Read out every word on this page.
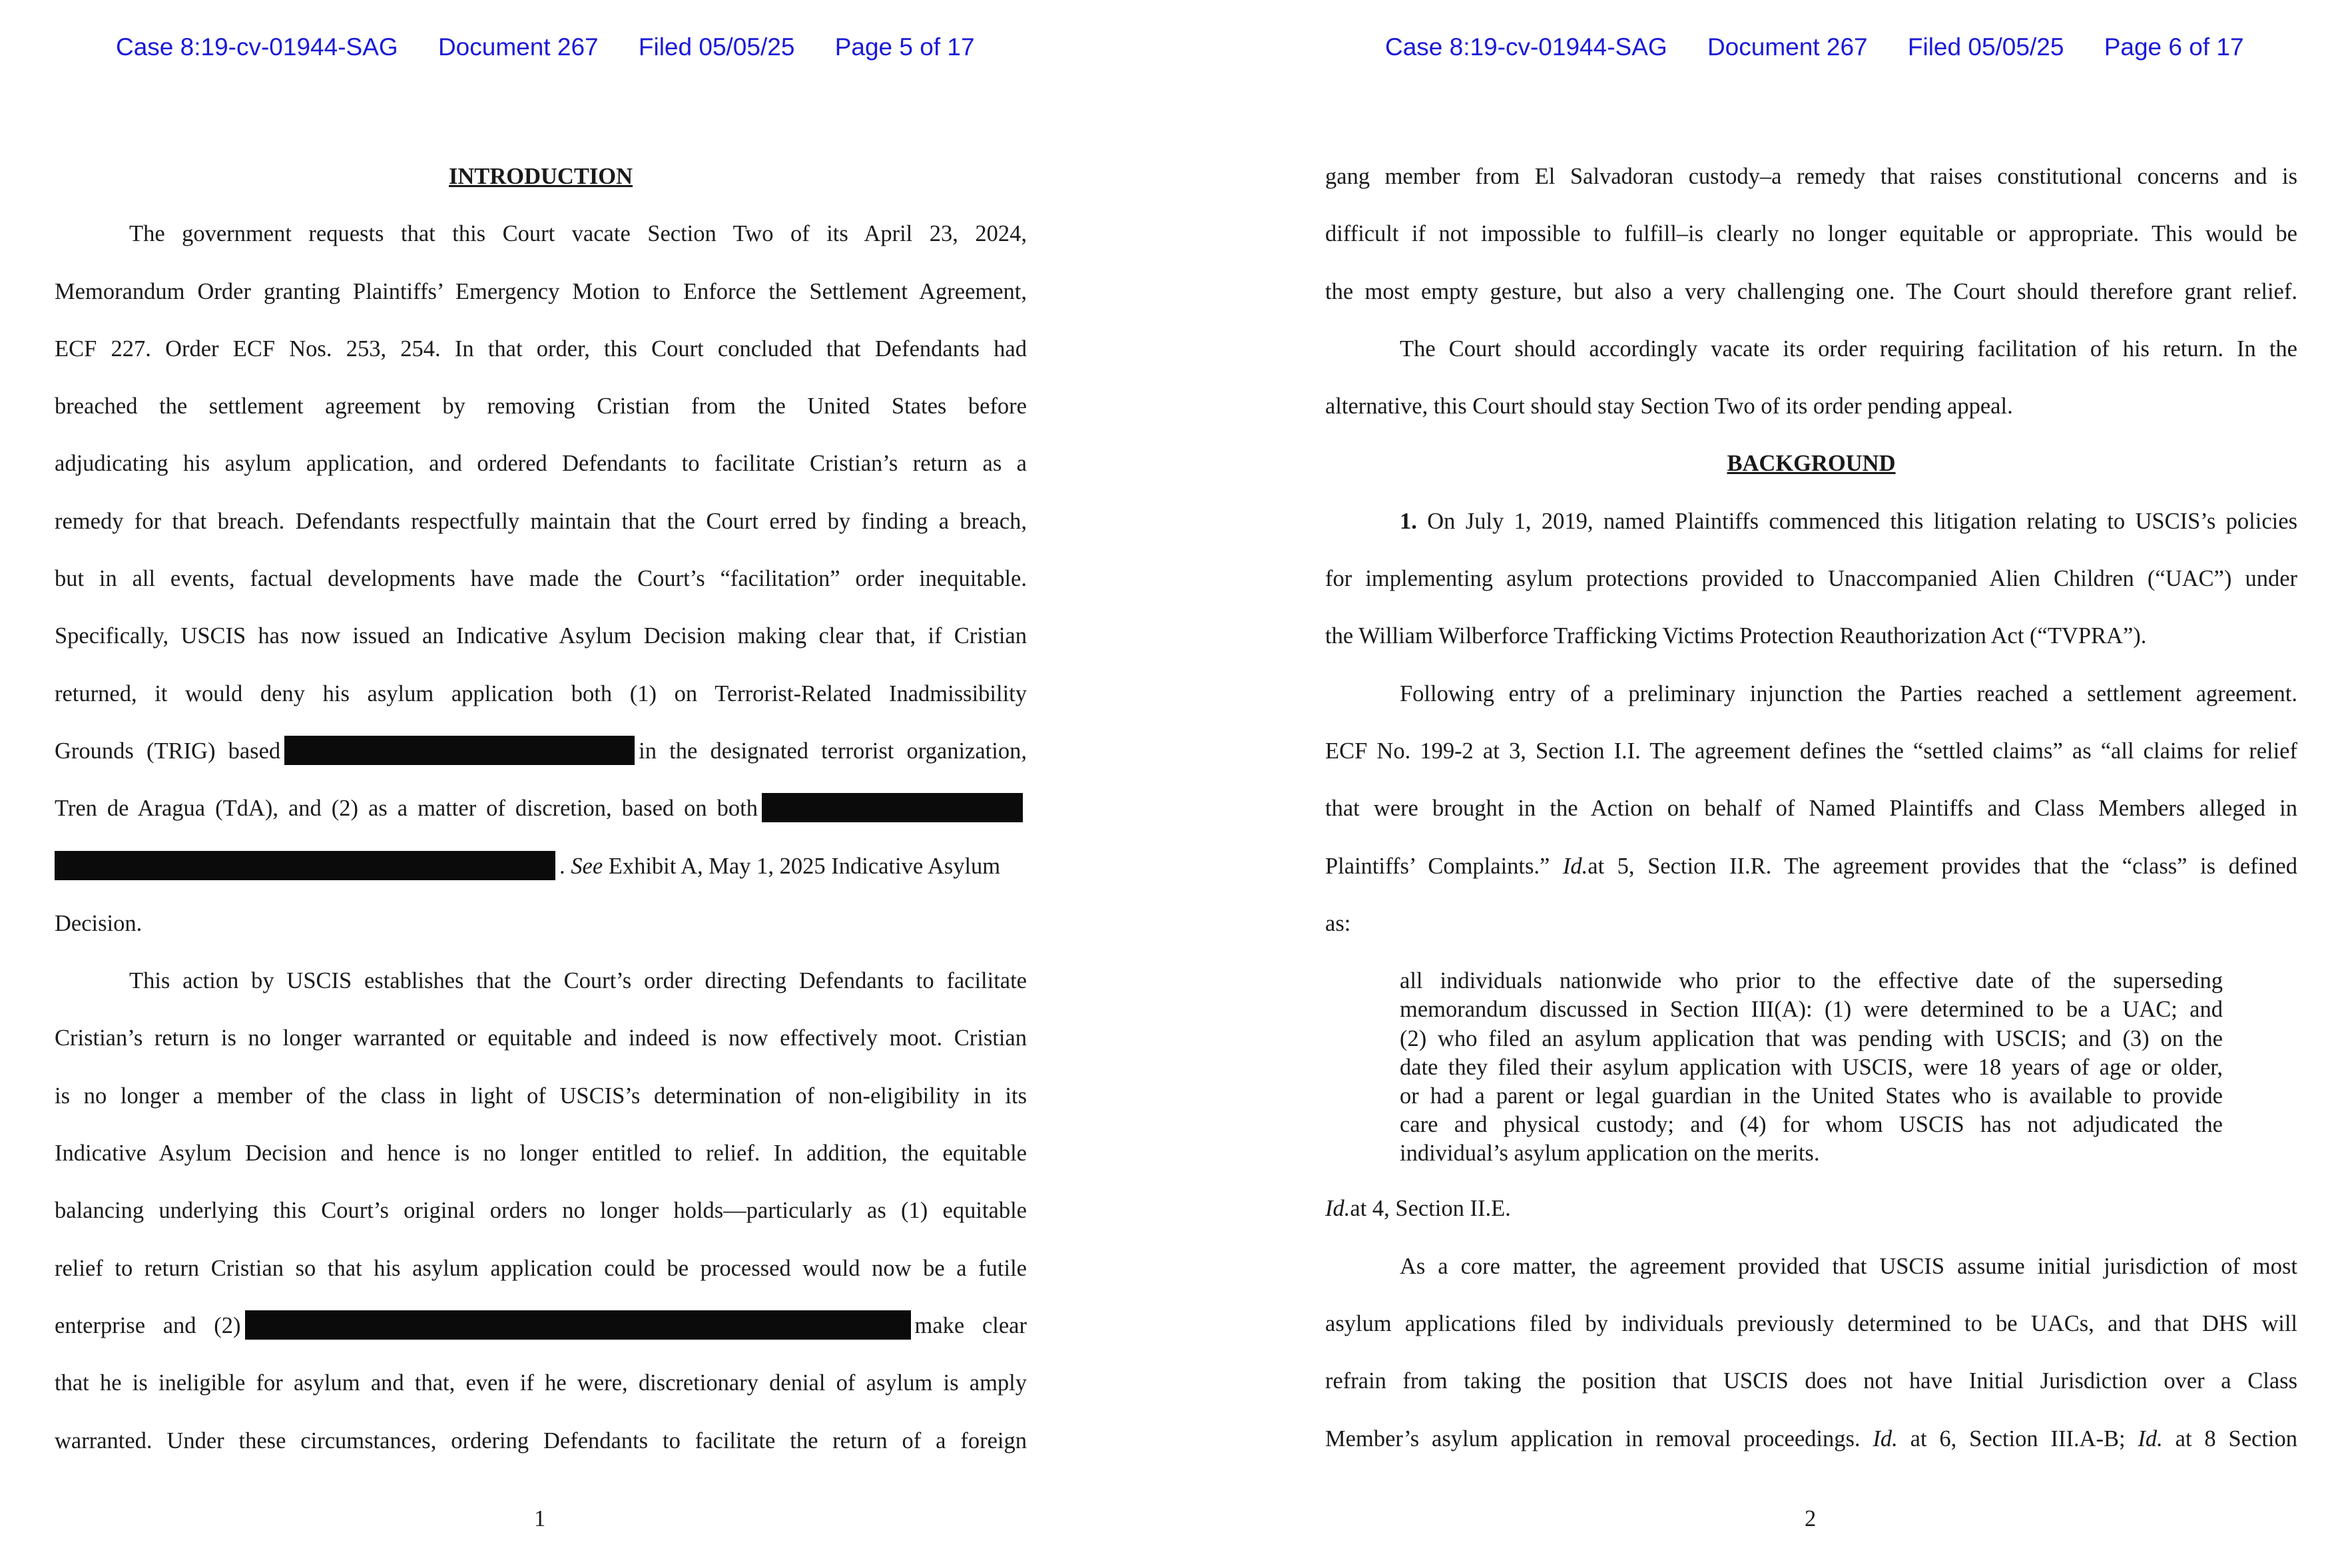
Case 8:19-cv-01944-SAG Document 267 Filed 05/05/25 Page 5 of 17
INTRODUCTION
The government requests that this Court vacate Section Two of its April 23, 2024,
Memorandum Order granting Plaintiffs’ Emergency Motion to Enforce the Settlement Agreement,
ECF 227. Order ECF Nos. 253, 254. In that order, this Court concluded that Defendants had
breached the settlement agreement by removing Cristian from the United States before
adjudicating his asylum application, and ordered Defendants to facilitate Cristian’s return as a
remedy for that breach. Defendants respectfully maintain that the Court erred by finding a breach,
but in all events, factual developments have made the Court’s “facilitation” order inequitable.
Specifically, USCIS has now issued an Indicative Asylum Decision making clear that, if Cristian
returned, it would deny his asylum application both (1) on Terrorist-Related Inadmissibility
Grounds (TRIG) based	in the designated terrorist organization,
Tren de Aragua (TdA), and (2) as a matter of discretion, based on both
. See Exhibit A, May 1, 2025 Indicative Asylum
Decision.
This action by USCIS establishes that the Court’s order directing Defendants to facilitate
Cristian’s return is no longer warranted or equitable and indeed is now effectively moot. Cristian
is no longer a member of the class in light of USCIS’s determination of non-eligibility in its
Indicative Asylum Decision and hence is no longer entitled to relief. In addition, the equitable
balancing underlying this Court’s original orders no longer holds—particularly as (1) equitable
relief to return Cristian so that his asylum application could be processed would now be a futile
enterprise and (2)	make clear
that he is ineligible for asylum and that, even if he were, discretionary denial of asylum is amply
warranted. Under these circumstances, ordering Defendants to facilitate the return of a foreign
1
Case 8:19-cv-01944-SAG Document 267 Filed 05/05/25 Page 6 of 17
gang member from El Salvadoran custody–a remedy that raises constitutional concerns and is
difficult if not impossible to fulfill–is clearly no longer equitable or appropriate. This would be
the most empty gesture, but also a very challenging one. The Court should therefore grant relief.
The Court should accordingly vacate its order requiring facilitation of his return. In the
alternative, this Court should stay Section Two of its order pending appeal.
BACKGROUND
1. On July 1, 2019, named Plaintiffs commenced this litigation relating to USCIS’s policies
for implementing asylum protections provided to Unaccompanied Alien Children (“UAC”) under
the William Wilberforce Trafficking Victims Protection Reauthorization Act (“TVPRA”).
Following entry of a preliminary injunction the Parties reached a settlement agreement.
ECF No. 199-2 at 3, Section I.I. The agreement defines the “settled claims” as “all claims for relief
that were brought in the Action on behalf of Named Plaintiffs and Class Members alleged in
Plaintiffs’ Complaints.” Id.at 5, Section II.R. The agreement provides that the “class” is defined
as:
all individuals nationwide who prior to the effective date of the superseding
memorandum discussed in Section III(A): (1) were determined to be a UAC; and
(2) who filed an asylum application that was pending with USCIS; and (3) on the
date they filed their asylum application with USCIS, were 18 years of age or older,
or had a parent or legal guardian in the United States who is available to provide
care and physical custody; and (4) for whom USCIS has not adjudicated the
individual’s asylum application on the merits.
Id.at 4, Section II.E.
As a core matter, the agreement provided that USCIS assume initial jurisdiction of most
asylum applications filed by individuals previously determined to be UACs, and that DHS will
refrain from taking the position that USCIS does not have Initial Jurisdiction over a Class
Member’s asylum application in removal proceedings. Id. at 6, Section III.A-B; Id. at 8 Section
2
